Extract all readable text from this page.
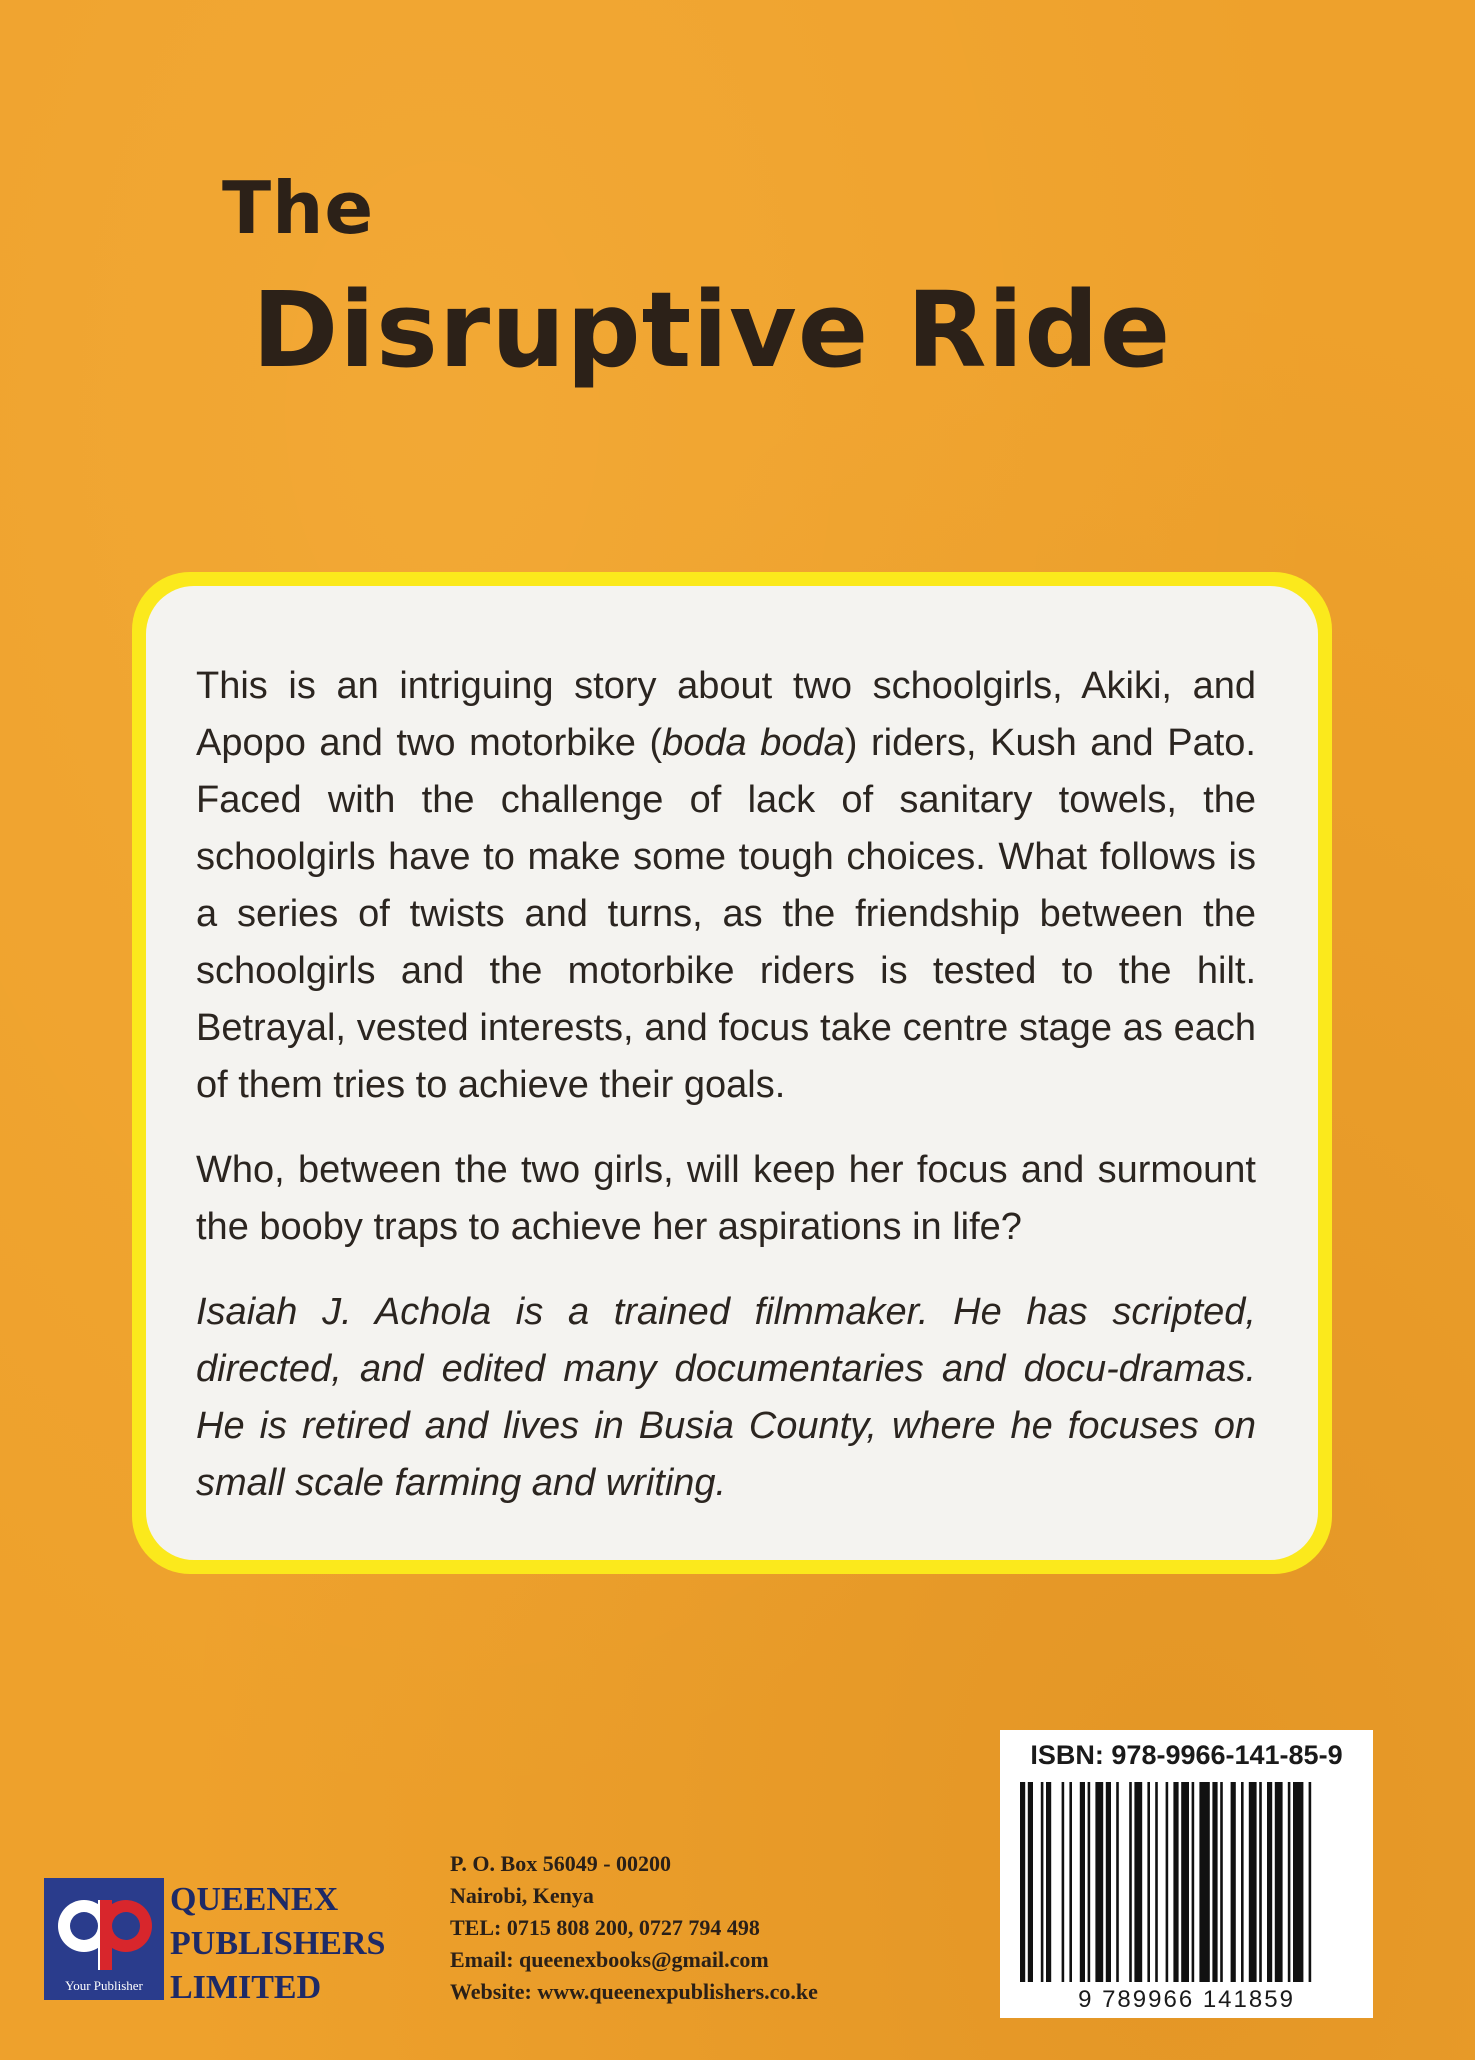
The
Disruptive Ride

This is an intriguing story about two schoolgirls, Akiki, and Apopo and two motorbike (boda boda) riders, Kush and Pato. Faced with the challenge of lack of sanitary towels, the schoolgirls have to make some tough choices. What follows is a series of twists and turns, as the friendship between the schoolgirls and the motorbike riders is tested to the hilt. Betrayal, vested interests, and focus take centre stage as each of them tries to achieve their goals.

Who, between the two girls, will keep her focus and surmount the booby traps to achieve her aspirations in life?

Isaiah J. Achola is a trained filmmaker. He has scripted, directed, and edited many documentaries and docu-dramas. He is retired and lives in Busia County, where he focuses on small scale farming and writing.

ISBN: 978-9966-141-85-9
9 789966 141859
Your Publisher
QUEENEX
PUBLISHERS
LIMITED
P. O. Box 56049 - 00200
Nairobi, Kenya
TEL: 0715 808 200, 0727 794 498
Email: queenexbooks@gmail.com
Website: www.queenexpublishers.co.ke
